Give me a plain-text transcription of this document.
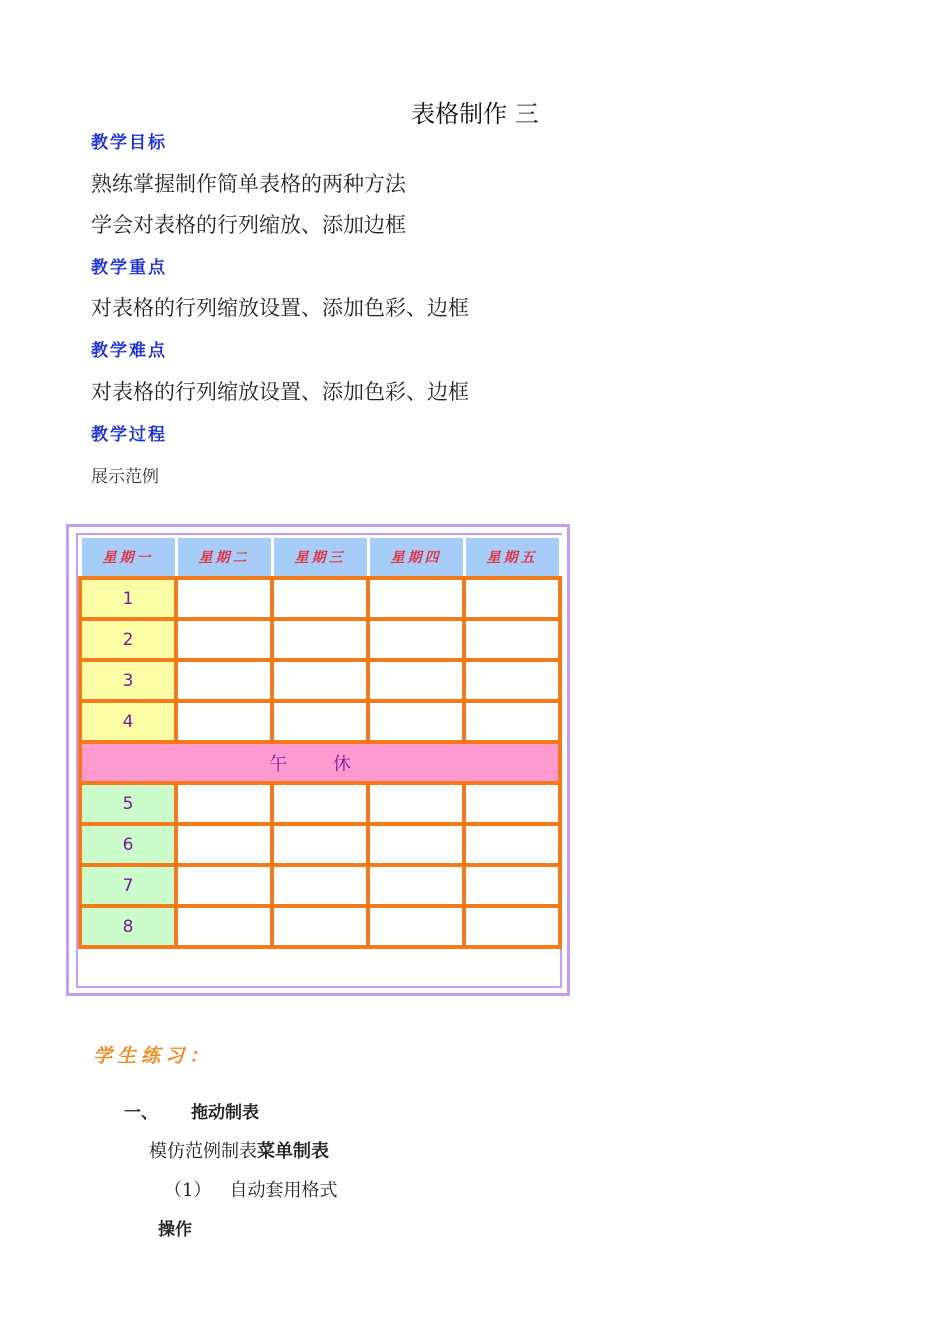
表格制作 三
教学目标
熟练掌握制作简单表格的两种方法
学会对表格的行列缩放、添加边框
教学重点
对表格的行列缩放设置、添加色彩、边框
教学难点
对表格的行列缩放设置、添加色彩、边框
教学过程
展示范例
星期一	星期二	星期三	星期四	星期五
1				
2				
3				
4				
午 休				
5				
6				
7				
8				
学生练习：
一、 拖动制表
模仿范例制表菜单制表
（1） 自动套用格式
操作
